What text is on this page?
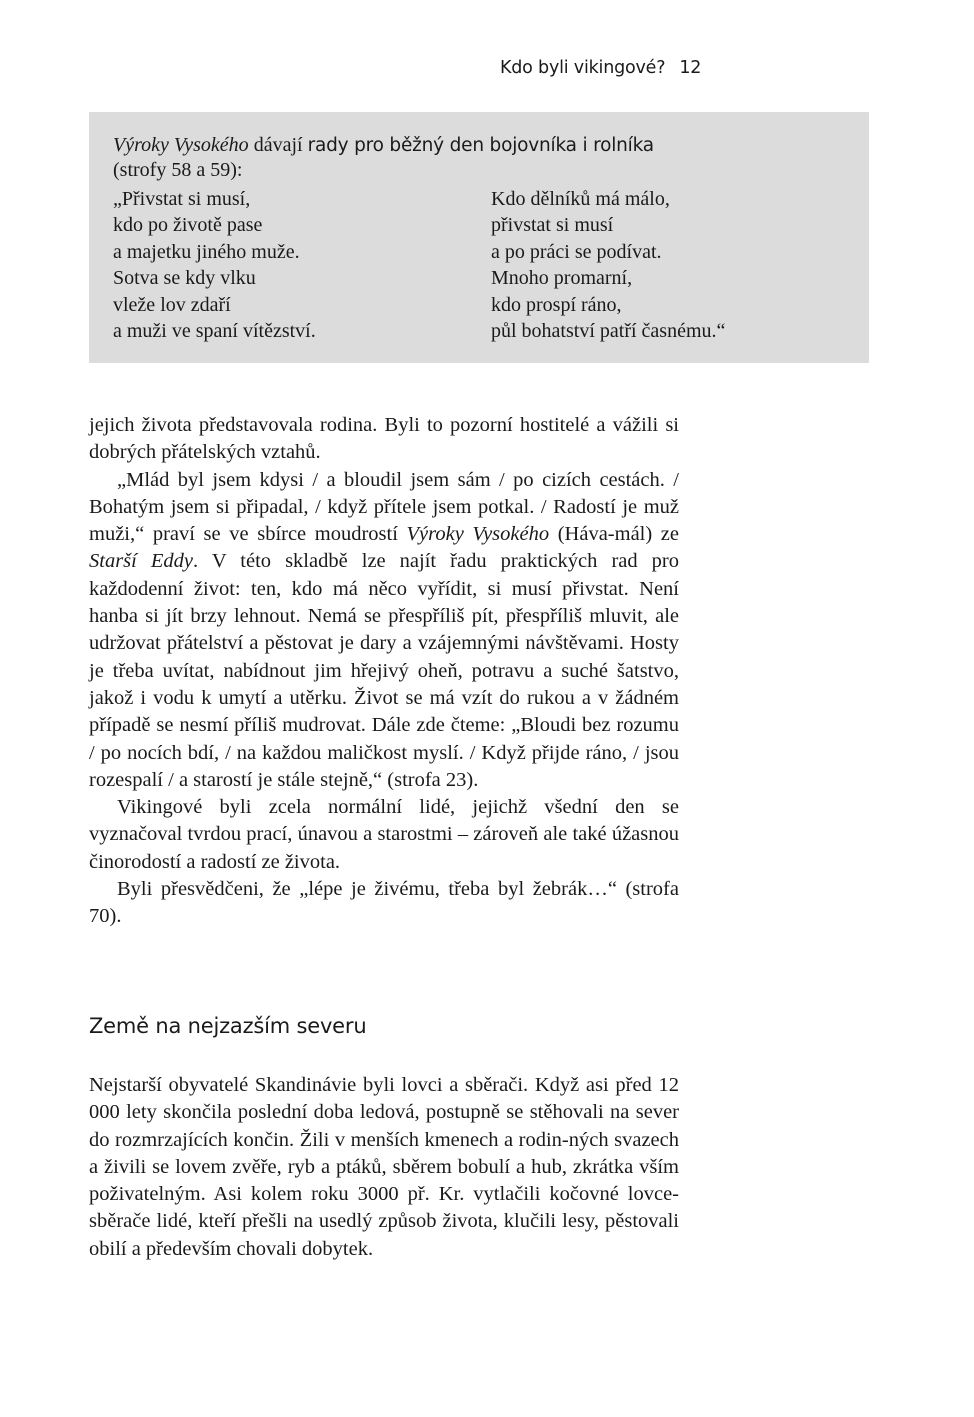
Kdo byli vikingové? 12

Výroky Vysokého dávají rady pro běžný den bojovníka i rolníka
(strofy 58 a 59):

„Přivstat si musí,
kdo po životě pase
a majetku jiného muže.
Sotva se kdy vlku
vleže lov zdaří
a muži ve spaní vítězství.
Kdo dělníků má málo,
přivstat si musí
a po práci se podívat.
Mnoho promarní,
kdo prospí ráno,
půl bohatství patří časnému.“

jejich života představovala rodina. Byli to pozorní hostitelé a vážili si dobrých přátelských vztahů.

„Mlád byl jsem kdysi / a bloudil jsem sám / po cizích cestách. / Bohatým jsem si připadal, / když přítele jsem potkal. / Radostí je muž muži,“ praví se ve sbírce moudrostí Výroky Vysokého (Háva-mál) ze Starší Eddy. V této skladbě lze najít řadu praktických rad pro každodenní život: ten, kdo má něco vyřídit, si musí přivstat. Není hanba si jít brzy lehnout. Nemá se přespříliš pít, přespříliš mluvit, ale udržovat přátelství a pěstovat je dary a vzájemnými návštěvami. Hosty je třeba uvítat, nabídnout jim hřejivý oheň, potravu a suché šatstvo, jakož i vodu k umytí a utěrku. Život se má vzít do rukou a v žádném případě se nesmí příliš mudrovat. Dále zde čteme: „Bloudi bez rozumu / po nocích bdí, / na každou maličkost myslí. / Když přijde ráno, / jsou rozespalí / a starostí je stále stejně,“ (strofa 23).

Vikingové byli zcela normální lidé, jejichž všední den se vyznačoval tvrdou prací, únavou a starostmi – zároveň ale také úžasnou činorodostí a radostí ze života.

Byli přesvědčeni, že „lépe je živému, třeba byl žebrák…“ (strofa 70).

Země na nejzazším severu

Nejstarší obyvatelé Skandinávie byli lovci a sběrači. Když asi před 12 000 lety skončila poslední doba ledová, postupně se stěhovali na sever do rozmrzajících končin. Žili v menších kmenech a rodin-ných svazech a živili se lovem zvěře, ryb a ptáků, sběrem bobulí a hub, zkrátka vším poživatelným. Asi kolem roku 3000 př. Kr. vytlačili kočovné lovce-sběrače lidé, kteří přešli na usedlý způsob života, klučili lesy, pěstovali obilí a především chovali dobytek.
